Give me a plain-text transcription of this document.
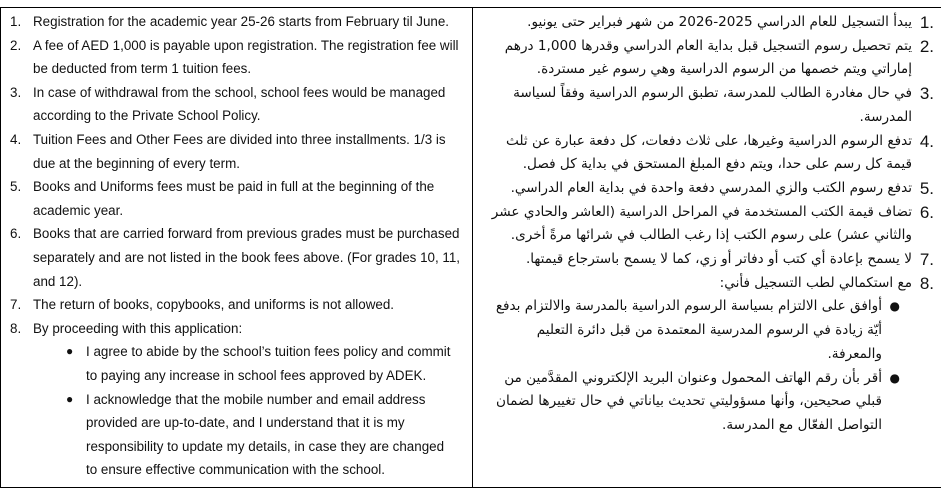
1. Registration for the academic year 25-26 starts from February til June.
2. A fee of AED 1,000 is payable upon registration. The registration fee will be deducted from term 1 tuition fees.
3. In case of withdrawal from the school, school fees would be managed according to the Private School Policy.
4. Tuition Fees and Other Fees are divided into three installments. 1/3 is due at the beginning of every term.
5. Books and Uniforms fees must be paid in full at the beginning of the academic year.
6. Books that are carried forward from previous grades must be purchased separately and are not listed in the book fees above. (For grades 10, 11, and 12).
7. The return of books, copybooks, and uniforms is not allowed.
8. By proceeding with this application:
● I agree to abide by the school’s tuition fees policy and commit to paying any increase in school fees approved by ADEK.
● I acknowledge that the mobile number and email address provided are up-to-date, and I understand that it is my responsibility to update my details, in case they are changed to ensure effective communication with the school.

1.
يبدأ التسجيل للعام الدراسي 2025-2026 من شهر فبراير حتى يونيو.
2.
يتم تحصيل رسوم التسجيل قبل بداية العام الدراسي وقدرها 1,000 درهم إماراتي ويتم خصمها من الرسوم الدراسية وهي رسوم غير مستردة.
3.
في حال مغادرة الطالب للمدرسة، تطبق الرسوم الدراسية وفقاً لسياسة المدرسة.
4.
تدفع الرسوم الدراسية وغيرها، على ثلاث دفعات، كل دفعة عبارة عن ثلث قيمة كل رسم على حدا، ويتم دفع المبلغ المستحق في بداية كل فصل.
5.
تدفع رسوم الكتب والزي المدرسي دفعة واحدة في بداية العام الدراسي.
6.
تضاف قيمة الكتب المستخدمة في المراحل الدراسية (العاشر والحادي عشر والثاني عشر) على رسوم الكتب إذا رغب الطالب في شرائها مرةً أخرى.
7.
لا يسمح بإعادة أي كتب أو دفاتر أو زي، كما لا يسمح باسترجاع قيمتها.
8.
مع استكمالي لطب التسجيل فأني:
●
أوافق على الالتزام بسياسة الرسوم الدراسية بالمدرسة والالتزام بدفع أيّة زيادة في الرسوم المدرسية المعتمدة من قبل دائرة التعليم والمعرفة.
●
أقر بأن رقم الهاتف المحمول وعنوان البريد الإلكتروني المقدَّمين من قبلي صحيحين، وأنها مسؤوليتي تحديث بياناتي في حال تغييرها لضمان التواصل الفعّال مع المدرسة.
